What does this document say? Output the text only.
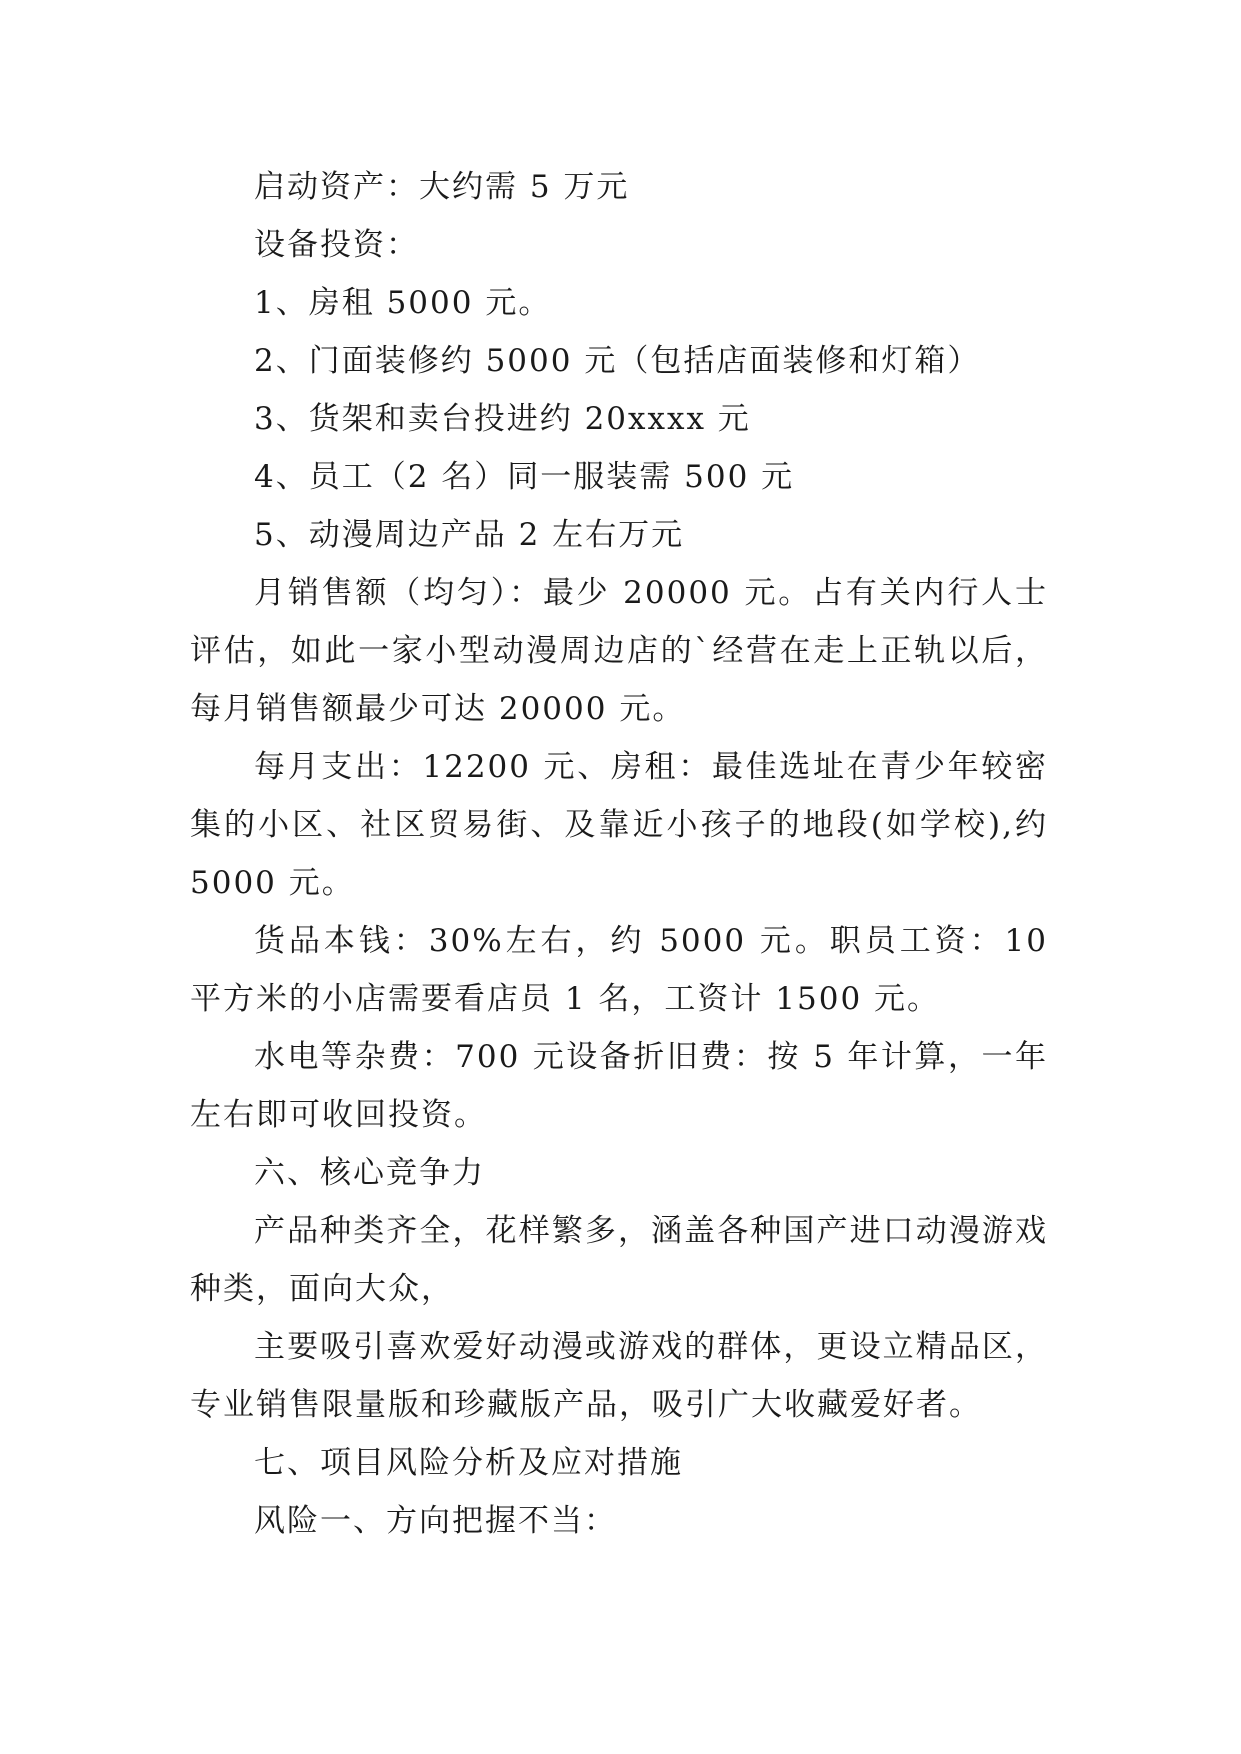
启动资产：大约需 5 万元

设备投资：

1、房租 5000 元。

2、门面装修约 5000 元（包括店面装修和灯箱）

3、货架和卖台投进约 20xxxx 元

4、员工（2 名）同一服装需 500 元

5、动漫周边产品 2 左右万元

月销售额（均匀）：最少 20000 元。占有关内行人士评估，如此一家小型动漫周边店的`经营在走上正轨以后，每月销售额最少可达 20000 元。

每月支出：12200 元、房租：最佳选址在青少年较密集的小区、社区贸易街、及靠近小孩子的地段(如学校),约 5000 元。

货品本钱：30%左右，约 5000 元。职员工资：10 平方米的小店需要看店员 1 名，工资计 1500 元。

水电等杂费：700 元设备折旧费：按 5 年计算，一年左右即可收回投资。

六、核心竞争力

产品种类齐全，花样繁多，涵盖各种国产进口动漫游戏种类，面向大众，

主要吸引喜欢爱好动漫或游戏的群体，更设立精品区，专业销售限量版和珍藏版产品，吸引广大收藏爱好者。

七、项目风险分析及应对措施

风险一、方向把握不当：
